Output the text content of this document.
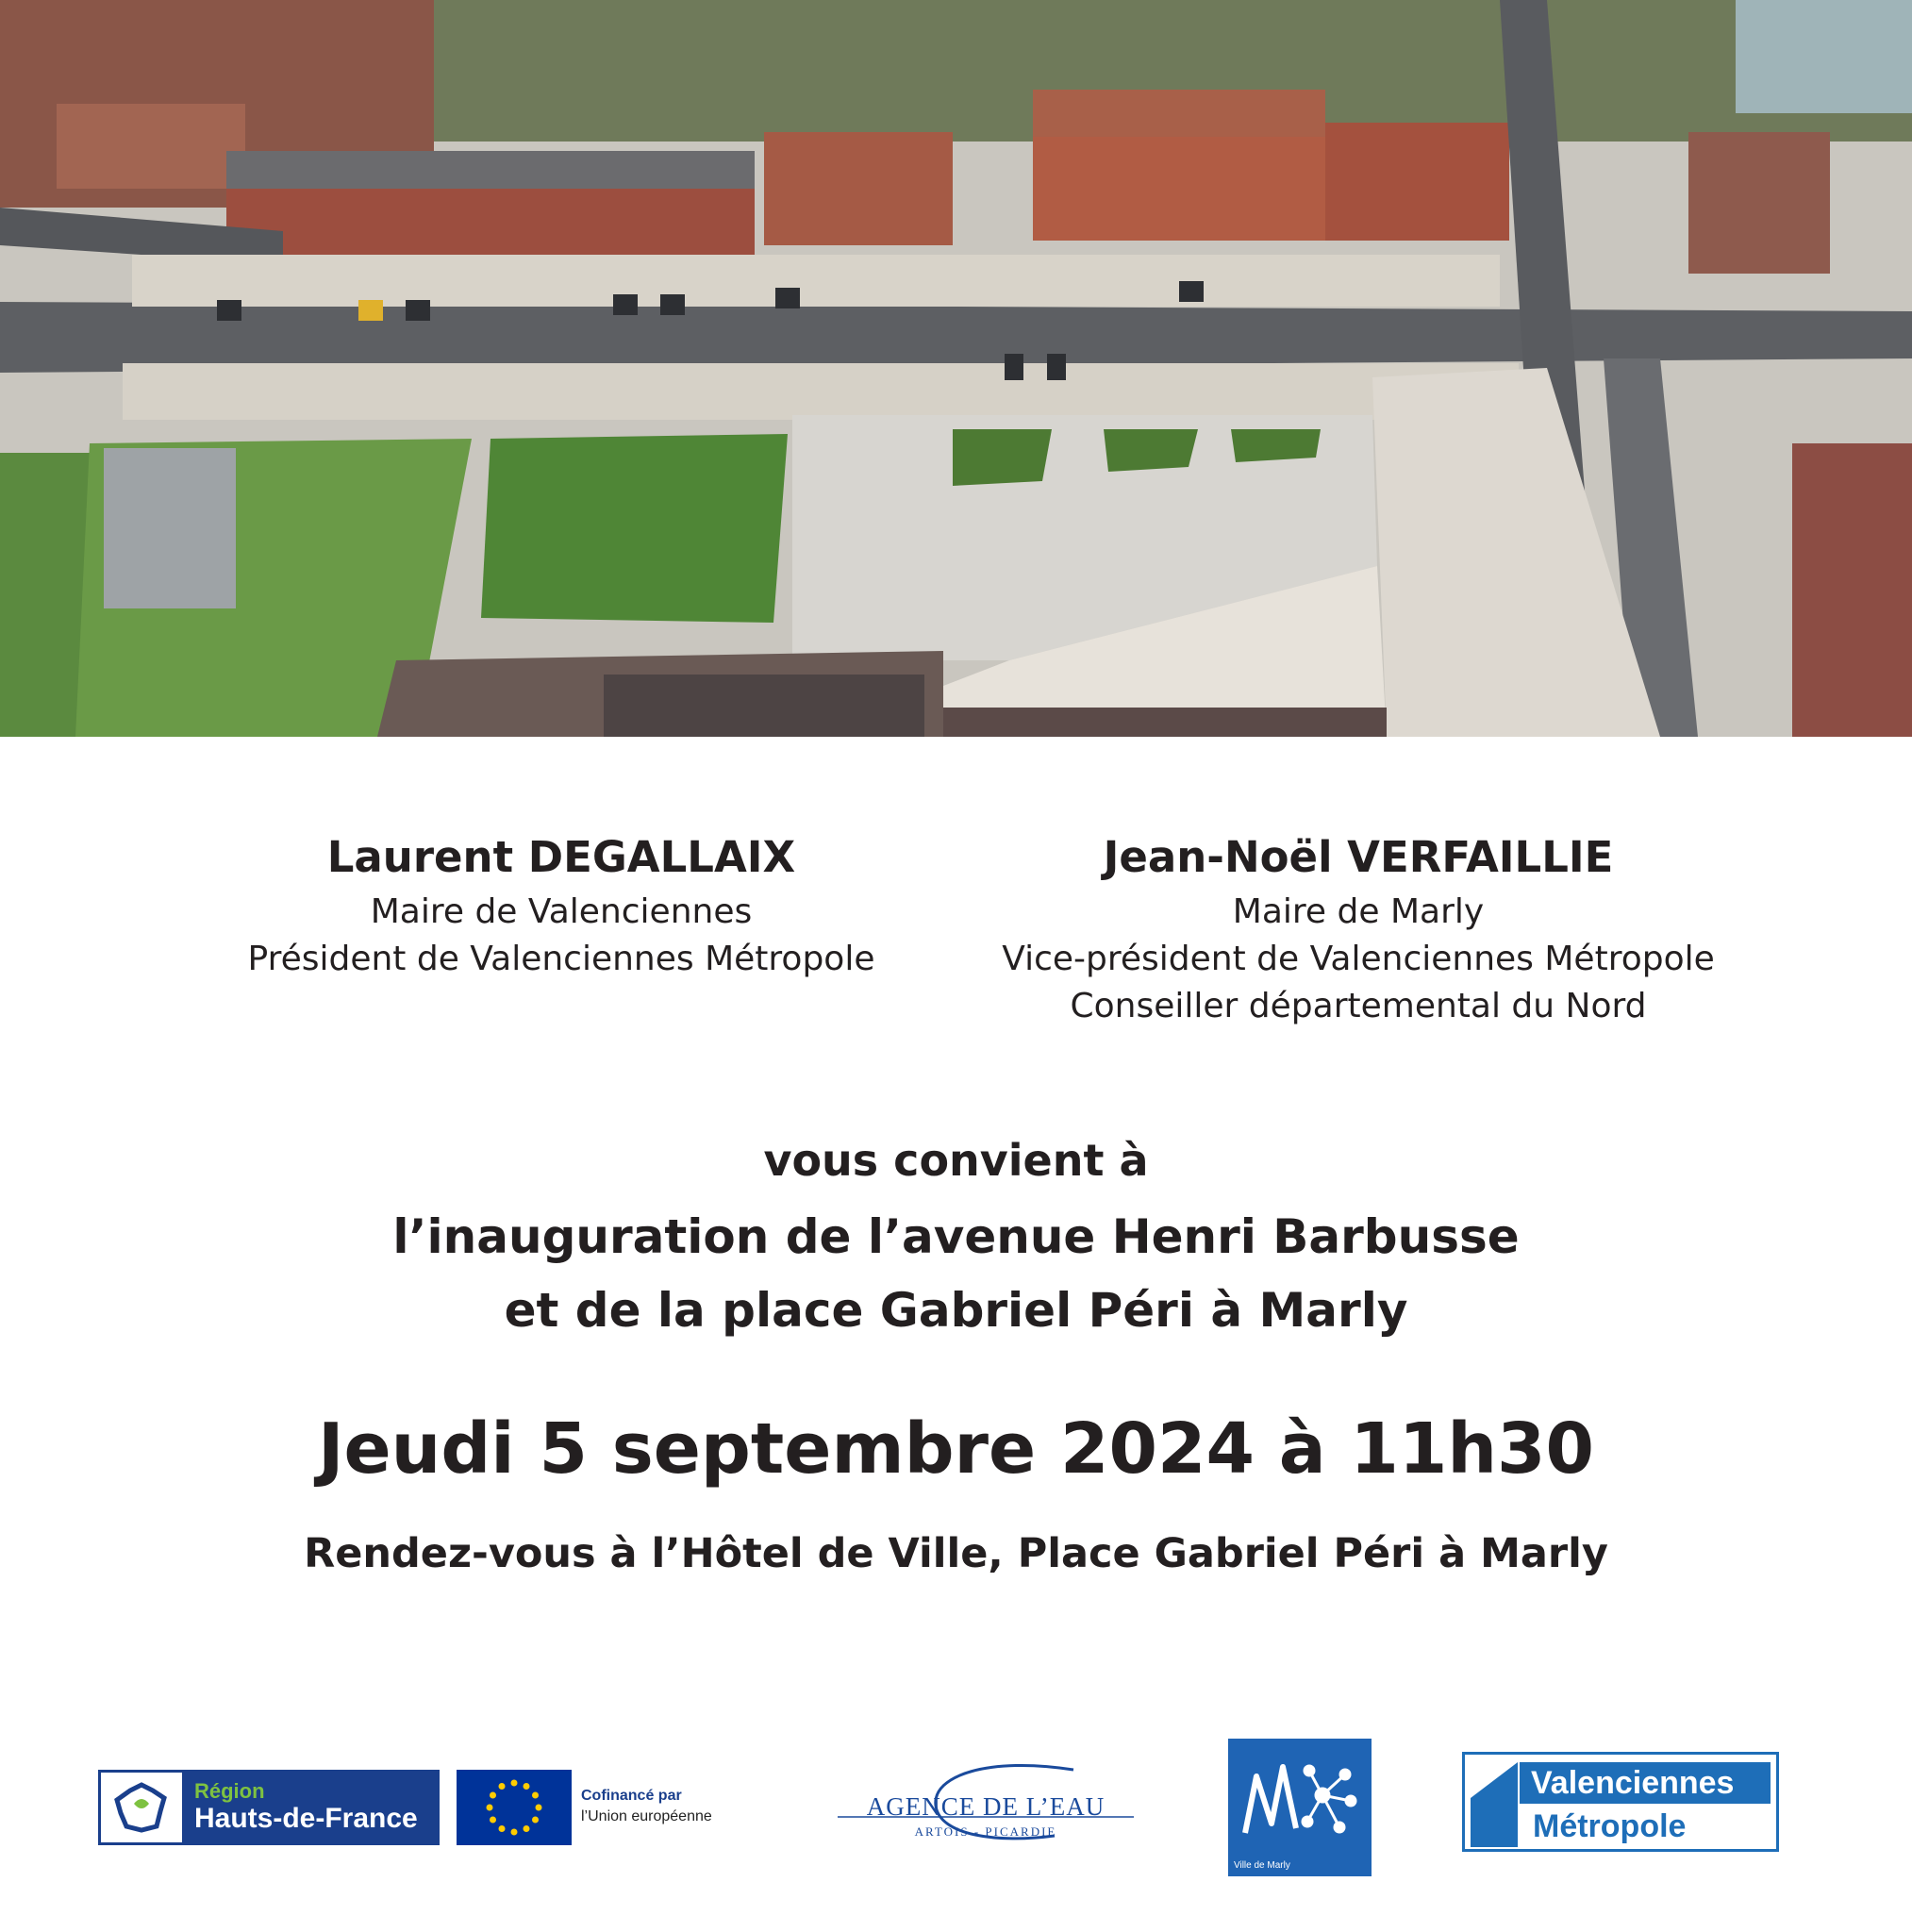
Laurent DEGALLAIX

Maire de Valenciennes

Président de Valenciennes Métropole

Jean-Noël VERFAILLIE

Maire de Marly

Vice-président de Valenciennes Métropole

Conseiller départemental du Nord

vous convient à

l’inauguration de l’avenue Henri Barbusse

et de la place Gabriel Péri à Marly

Jeudi 5 septembre 2024 à 11h30

Rendez-vous à l’Hôtel de Ville, Place Gabriel Péri à Marly

Région
Hauts-de-France
Cofinancé par
l’Union européenne	AGENCE DE L’EAU
ARTOIS - PICARDIE
Ville de Marly
Valenciennes
Métropole
